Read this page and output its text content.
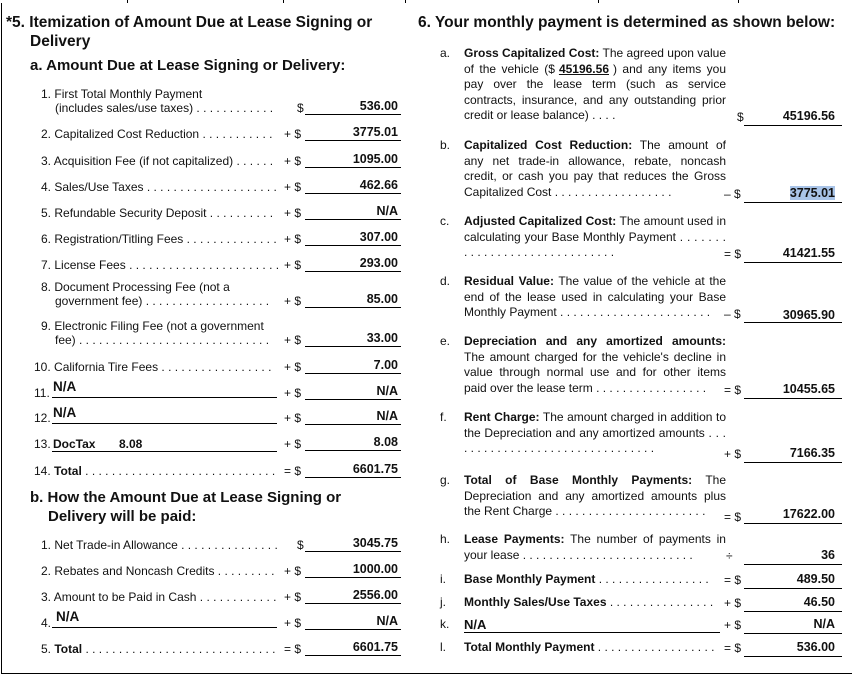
*5. Itemization of Amount Due at Lease Signing or
Delivery
a. Amount Due at Lease Signing or Delivery:
1. First Total Monthly Payment
(includes sales/use taxes) . . . . . . . . . . . . $	536.00
2. Capitalized Cost Reduction . . . . . . . . . . . + $	3775.01
3. Acquisition Fee (if not capitalized) . . . . . . + $	1095.00
4. Sales/Use Taxes . . . . . . . . . . . . . . . . . . . . + $	462.66
5. Refundable Security Deposit . . . . . . . . . . + $	N/A
6. Registration/Titling Fees . . . . . . . . . . . . . . + $	307.00
7. License Fees . . . . . . . . . . . . . . . . . . . . . . . + $	293.00
8. Document Processing Fee (not a
government fee) . . . . . . . . . . . . . . . . . . . + $	85.00
9. Electronic Filing Fee (not a government
fee) . . . . . . . . . . . . . . . . . . . . . . . . . . . . . + $	33.00
10. California Tire Fees . . . . . . . . . . . . . . . . . + $	7.00
11. N/A	+ $	N/A
12. N/A	+ $	N/A
13. DocTax 8.08	+ $	8.08
14. Total . . . . . . . . . . . . . . . . . . . . . . . . . . . . . = $	6601.75
b. How the Amount Due at Lease Signing or
Delivery will be paid:
1. Net Trade-in Allowance . . . . . . . . . . . . . . . $	3045.75
2. Rebates and Noncash Credits . . . . . . . . . + $	1000.00
3. Amount to be Paid in Cash . . . . . . . . . . . . + $	2556.00
4. N/A	+ $	N/A
5. Total . . . . . . . . . . . . . . . . . . . . . . . . . . . . . = $	6601.75
6. Your monthly payment is determined as shown below:
a. Gross Capitalized Cost: The agreed upon value of the vehicle ($ 45196.56 ) and any items you pay over the lease term (such as service contracts, insurance, and any outstanding prior credit or lease balance) . . . .	$	45196.56
b. Capitalized Cost Reduction: The amount of any net trade-in allowance, rebate, noncash credit, or cash you pay that reduces the Gross Capitalized Cost . . . . . . . . . . . . . . . . . .	– $	3775.01
c. Adjusted Capitalized Cost: The amount used in calculating your Base Monthly Payment . . . . . . . . . . . . . . . . . . . . . . . . . . . . . .	= $	41421.55
d. Residual Value: The value of the vehicle at the end of the lease used in calculating your Base Monthly Payment . . . . . . . . . . . . . . . . . . . . . . .	– $	30965.90
e. Depreciation and any amortized amounts: The amount charged for the vehicle's decline in value through normal use and for other items paid over the lease term . . . . . . . . . . . . . . . . .	= $	10455.65
f. Rent Charge: The amount charged in addition to the Depreciation and any amortized amounts . . . . . . . . . . . . . . . . . . . . . . . . . . . . . . . .	+ $	7166.35
g. Total of Base Monthly Payments: The Depreciation and any amortized amounts plus the Rent Charge . . . . . . . . . . . . . . . . . . . . . . .	= $	17622.00
h. Lease Payments: The number of payments in your lease . . . . . . . . . . . . . . . . . . . . . . . . . .	÷	36
i. Base Monthly Payment . . . . . . . . . . . . . . . . .	= $	489.50
j. Monthly Sales/Use Taxes . . . . . . . . . . . . . . . . + $	46.50
k. N/A	+ $	N/A
l. Total Monthly Payment . . . . . . . . . . . . . . . . . . = $	536.00
